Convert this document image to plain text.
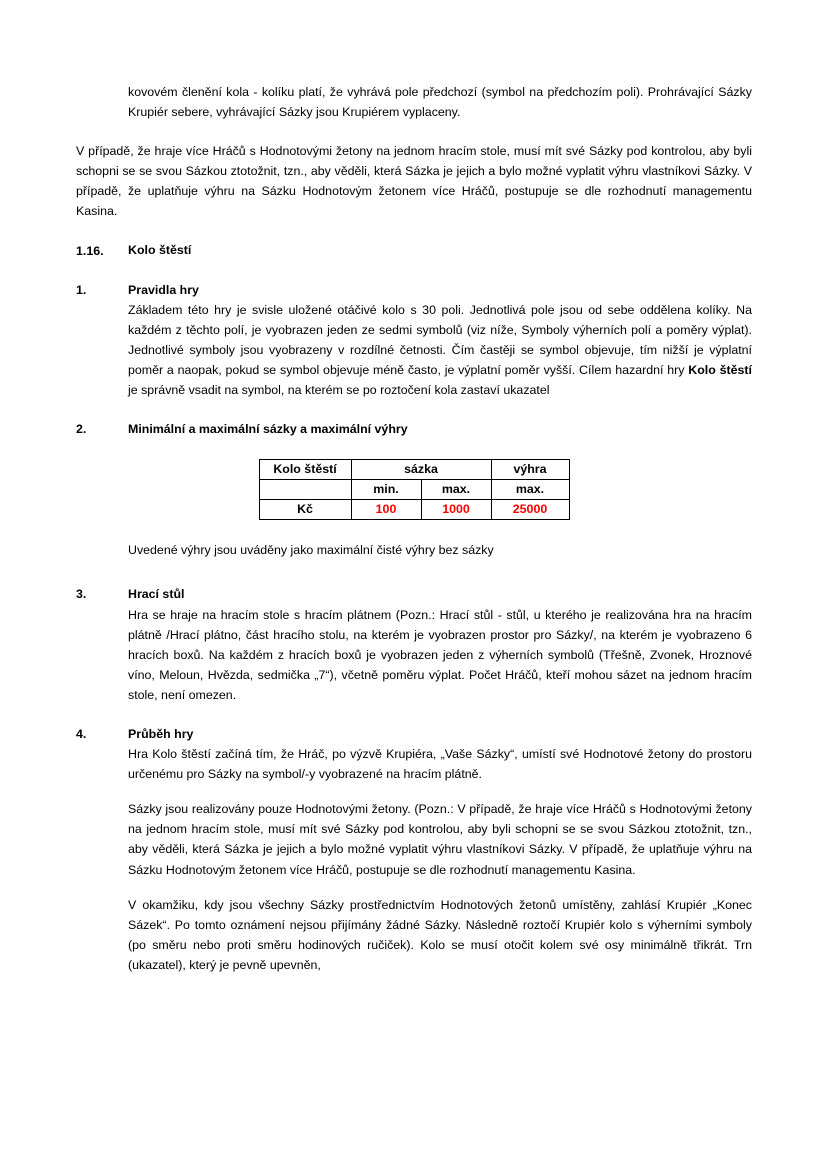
kovovém členění kola - kolíku platí, že vyhrává pole předchozí (symbol na předchozím poli). Prohrávající Sázky Krupiér sebere, vyhrávající Sázky jsou Krupiérem vyplaceny.

V případě, že hraje více Hráčů s Hodnotovými žetony na jednom hracím stole, musí mít své Sázky pod kontrolou, aby byli schopni se se svou Sázkou ztotožnit, tzn., aby věděli, která Sázka je jejich a bylo možné vyplatit výhru vlastníkovi Sázky. V případě, že uplatňuje výhru na Sázku Hodnotovým žetonem více Hráčů, postupuje se dle rozhodnutí managementu Kasina.

1.16.	Kolo štěstí
1.	Pravidla hry
Základem této hry je svisle uložené otáčivé kolo s 30 poli. Jednotlivá pole jsou od sebe oddělena kolíky. Na každém z těchto polí, je vyobrazen jeden ze sedmi symbolů (viz níže, Symboly výherních polí a poměry výplat). Jednotlivé symboly jsou vyobrazeny v rozdílné četnosti. Čím častěji se symbol objevuje, tím nižší je výplatní poměr a naopak, pokud se symbol objevuje méně často, je výplatní poměr vyšší. Cílem hazardní hry Kolo štěstí je správně vsadit na symbol, na kterém se po roztočení kola zastaví ukazatel
2.	Minimální a maximální sázky a maximální výhry
Kolo štěstí	sázka		výhra
	min.	max.	max.
Kč	100	1000	25000
Uvedené výhry jsou uváděny jako maximální čisté výhry bez sázky
3.	Hrací stůl
Hra se hraje na hracím stole s hracím plátnem (Pozn.: Hrací stůl - stůl, u kterého je realizována hra na hracím plátně /Hrací plátno, část hracího stolu, na kterém je vyobrazen prostor pro Sázky/, na kterém je vyobrazeno 6 hracích boxů. Na každém z hracích boxů je vyobrazen jeden z výherních symbolů (Třešně, Zvonek, Hroznové víno, Meloun, Hvězda, sedmička „7“), včetně poměru výplat. Počet Hráčů, kteří mohou sázet na jednom hracím stole, není omezen.
4.	Průběh hry
Hra Kolo štěstí začíná tím, že Hráč, po výzvě Krupiéra, „Vaše Sázky“, umístí své Hodnotové žetony do prostoru určenému pro Sázky na symbol/-y vyobrazené na hracím plátně.
Sázky jsou realizovány pouze Hodnotovými žetony. (Pozn.: V případě, že hraje více Hráčů s Hodnotovými žetony na jednom hracím stole, musí mít své Sázky pod kontrolou, aby byli schopni se se svou Sázkou ztotožnit, tzn., aby věděli, která Sázka je jejich a bylo možné vyplatit výhru vlastníkovi Sázky. V případě, že uplatňuje výhru na Sázku Hodnotovým žetonem více Hráčů, postupuje se dle rozhodnutí managementu Kasina.
V okamžiku, kdy jsou všechny Sázky prostřednictvím Hodnotových žetonů umístěny, zahlásí Krupiér „Konec Sázek“. Po tomto oznámení nejsou přijímány žádné Sázky. Následně roztočí Krupiér kolo s výherními symboly (po směru nebo proti směru hodinových ručiček). Kolo se musí otočit kolem své osy minimálně třikrát. Trn (ukazatel), který je pevně upevněn,
